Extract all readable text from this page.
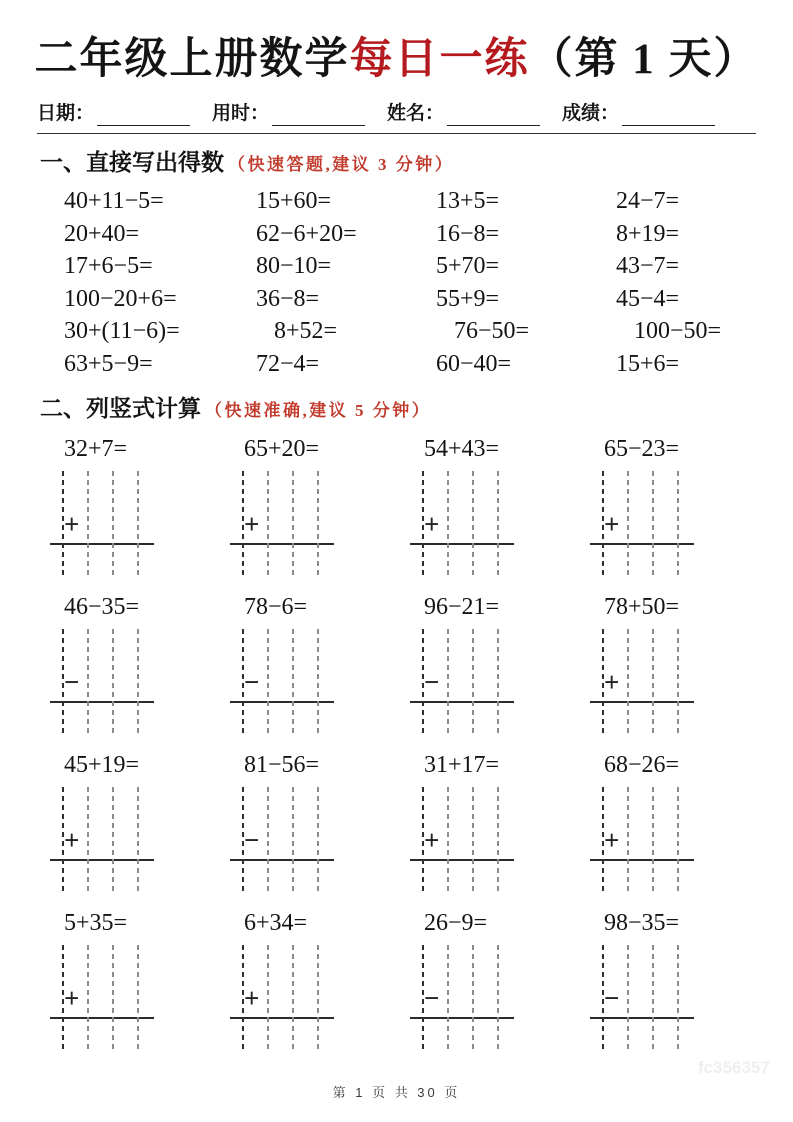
二年级上册数学每日一练（第 1 天）
日期：	用时：	姓名：	成绩：
一、直接写出得数 （快速答题,建议 3 分钟）
40+11−5=	15+60=	13+5=	24−7=
20+40=	62−6+20=	16−8=	8+19=
17+6−5=	80−10=	5+70=	43−7=
100−20+6=	36−8=	55+9=	45−4=
30+(11−6)=	8+52=	76−50=	100−50=
63+5−9=	72−4=	60−40=	15+6=
二、列竖式计算 （快速准确,建议 5 分钟）
32+7=
+
65+20=
+
54+43=
+
65−23=
+
46−35=
−
78−6=
−
96−21=
−
78+50=
+
45+19=
+
81−56=
−
31+17=
+
68−26=
+
5+35=
+
6+34=
+
26−9=
−
98−35=
−
fc356357
第 1 页 共 30 页
